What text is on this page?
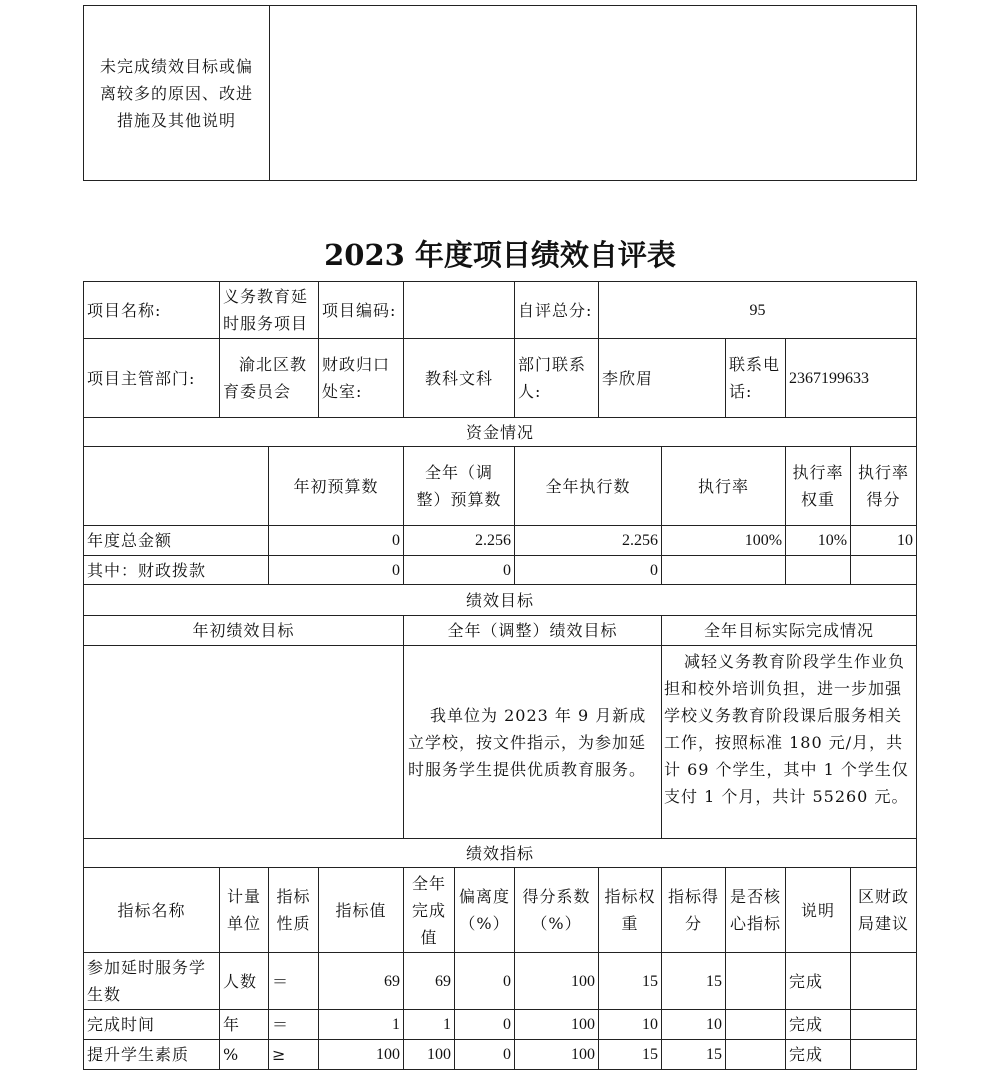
未完成绩效目标或偏离较多的原因、改进措施及其他说明	
2023 年度项目绩效自评表
项目名称:	义务教育延时服务项目		项目编码:			自评总分:	95				
项目主管部门:	渝北区教育委员会		财政归口处室:	教科文科		部门联系人:	李欣眉		联系电话:	2367199633	
资金情况											
		年初预算数		全年（调整）预算数		全年执行数		执行率		执行率权重	执行率得分
年度总金额		0		2.256		2.256		100%		10%	10
其中：财政拨款		0		0		0					
绩效目标											
年初绩效目标				全年（调整）绩效目标				全年目标实际完成情况			
				我单位为 2023 年 9 月新成立学校，按文件指示，为参加延时服务学生提供优质教育服务。				减轻义务教育阶段学生作业负担和校外培训负担，进一步加强学校义务教育阶段课后服务相关工作，按照标准 180 元/月，共计 69 个学生，其中 1 个学生仅支付 1 个月，共计 55260 元。			
绩效指标											
指标名称	计量单位	指标性质	指标值	全年完成值	偏离度（%）	得分系数（%）	指标权重	指标得分	是否核心指标	说明	区财政局建议
参加延时服务学生数	人数	＝	69	69	0	100	15	15		完成	
完成时间	年	＝	1	1	0	100	10	10		完成	
提升学生素质	%	≥	100	100	0	100	15	15		完成	
